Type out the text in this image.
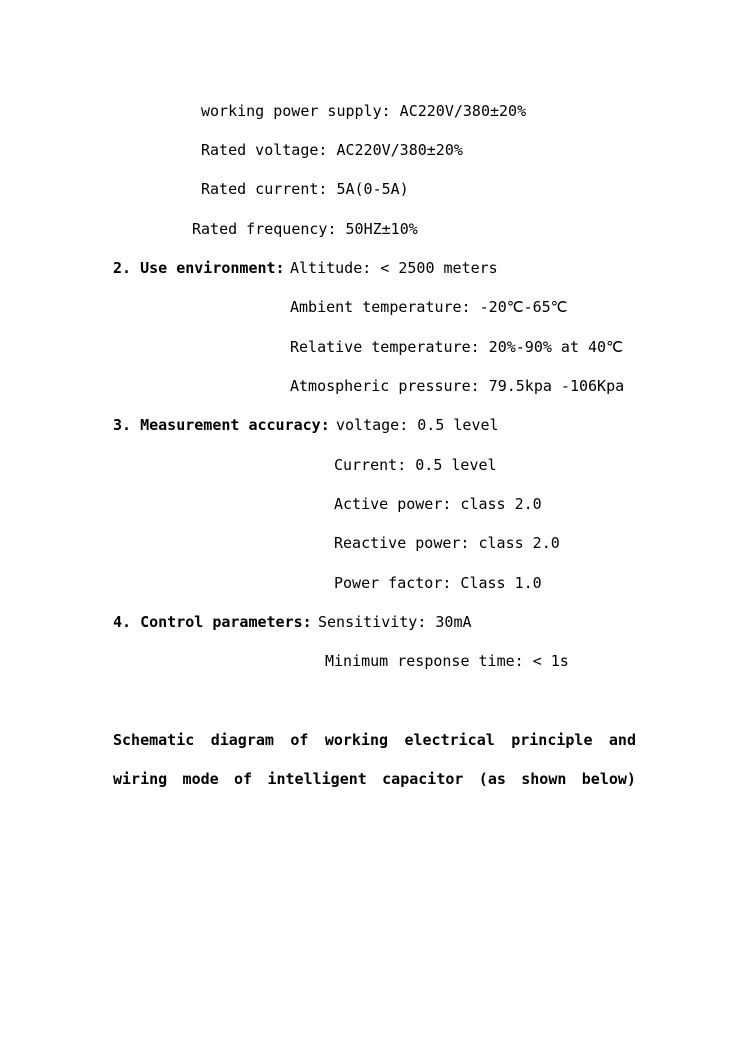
working power supply: AC220V/380±20%
Rated voltage: AC220V/380±20%
Rated current: 5A(0-5A)
Rated frequency: 50HZ±10%
2. Use environment: Altitude: < 2500 meters
Ambient temperature: -20℃-65℃
Relative temperature: 20%-90% at 40℃
Atmospheric pressure: 79.5kpa -106Kpa
3. Measurement accuracy: voltage: 0.5 level
Current: 0.5 level
Active power: class 2.0
Reactive power: class 2.0
Power factor: Class 1.0
4. Control parameters: Sensitivity: 30mA
Minimum response time: < 1s
Schematic diagram of working electrical principle and
wiring mode of intelligent capacitor (as shown below)
